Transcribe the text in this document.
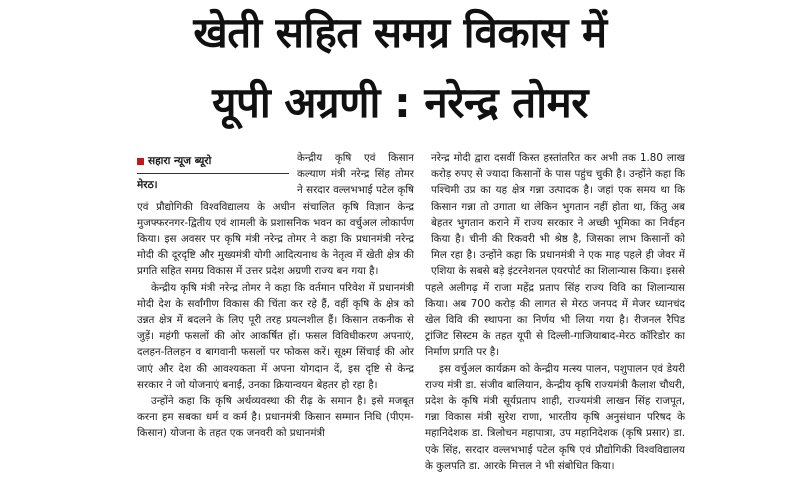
खेती सहित समग्र विकास में
यूपी अग्रणी : नरेन्द्र तोमर
सहारा न्यूज ब्यूरो
मेरठ।

केन्द्रीय कृषि एवं किसान कल्याण मंत्री नरेन्द्र सिंह तोमर ने सरदार वल्लभभाई पटेल कृषि एवं प्रौद्योगिकी विश्वविद्यालय के अधीन संचालित कृषि विज्ञान केन्द्र मुजफ्फरनगर-द्वितीय एवं शामली के प्रशासनिक भवन का वर्चुअल लोकार्पण किया। इस अवसर पर कृषि मंत्री नरेन्द्र तोमर ने कहा कि प्रधानमंत्री नरेन्द्र मोदी की दूरदृष्टि और मुख्यमंत्री योगी आदित्यनाथ के नेतृत्व में खेती क्षेत्र की प्रगति सहित समग्र विकास में उत्तर प्रदेश अग्रणी राज्य बन गया है।

केन्द्रीय कृषि मंत्री नरेन्द्र तोमर ने कहा कि वर्तमान परिवेश में प्रधानमंत्री मोदी देश के सर्वांगीण विकास की चिंता कर रहे हैं, वहीं कृषि के क्षेत्र को उन्नत क्षेत्र में बदलने के लिए पूरी तरह प्रयत्नशील हैं। किसान तकनीक से जुड़ें। महंगी फसलों की ओर आकर्षित हों। फसल विविधीकरण अपनाएं, दलहन-तिलहन व बागवानी फसलों पर फोकस करें। सूक्ष्म सिंचाई की ओर जाएं और देश की आवश्यकता में अपना योगदान दें, इस दृष्टि से केन्द्र सरकार ने जो योजनाएं बनाईं, उनका क्रियान्वयन बेहतर हो रहा है।

उन्होंने कहा कि कृषि अर्थव्यवस्था की रीढ़ के समान है। इसे मजबूत करना हम सबका धर्म व कर्म है। प्रधानमंत्री किसान सम्मान निधि (पीएम-किसान) योजना के तहत एक जनवरी को प्रधानमंत्री

नरेन्द्र मोदी द्वारा दसवीं किस्त हस्तांतरित कर अभी तक 1.80 लाख करोड़ रुपए से ज्यादा किसानों के पास पहुंच चुकी है। उन्होंने कहा कि पश्चिमी उप्र का यह क्षेत्र गन्ना उत्पादक है। जहां एक समय था कि किसान गन्ना तो उगाता था लेकिन भुगतान नहीं होता था, किंतु अब बेहतर भुगतान कराने में राज्य सरकार ने अच्छी भूमिका का निर्वहन किया है। चीनी की रिकवरी भी श्रेष्ठ है, जिसका लाभ किसानों को मिल रहा है। उन्होंने कहा कि प्रधानमंत्री ने एक माह पहले ही जेवर में एशिया के सबसे बड़े इंटरनेशनल एयरपोर्ट का शिलान्यास किया। इससे पहले अलीगढ़ में राजा महेंद्र प्रताप सिंह राज्य विवि का शिलान्यास किया। अब 700 करोड़ की लागत से मेरठ जनपद में मेजर ध्यानचंद खेल विवि की स्थापना का निर्णय भी लिया गया है। रीजनल रैपिड ट्रांजिट सिस्टम के तहत यूपी से दिल्ली-गाजियाबाद-मेरठ कॉरिडोर का निर्माण प्रगति पर है।

इस वर्चुअल कार्यक्रम को केन्द्रीय मत्स्य पालन, पशुपालन एवं डेयरी राज्य मंत्री डा. संजीव बालियान, केन्द्रीय कृषि राज्यमंत्री कैलाश चौधरी, प्रदेश के कृषि मंत्री सूर्यप्रताप शाही, राज्यमंत्री लाखन सिंह राजपूत, गन्ना विकास मंत्री सुरेश राणा, भारतीय कृषि अनुसंधान परिषद के महानिदेशक डा. त्रिलोचन महापात्रा, उप महानिदेशक (कृषि प्रसार) डा. एके सिंह, सरदार वल्लभभाई पटेल कृषि एवं प्रौद्योगिकी विश्वविद्यालय के कुलपति डा. आरके मित्तल ने भी संबोधित किया।
